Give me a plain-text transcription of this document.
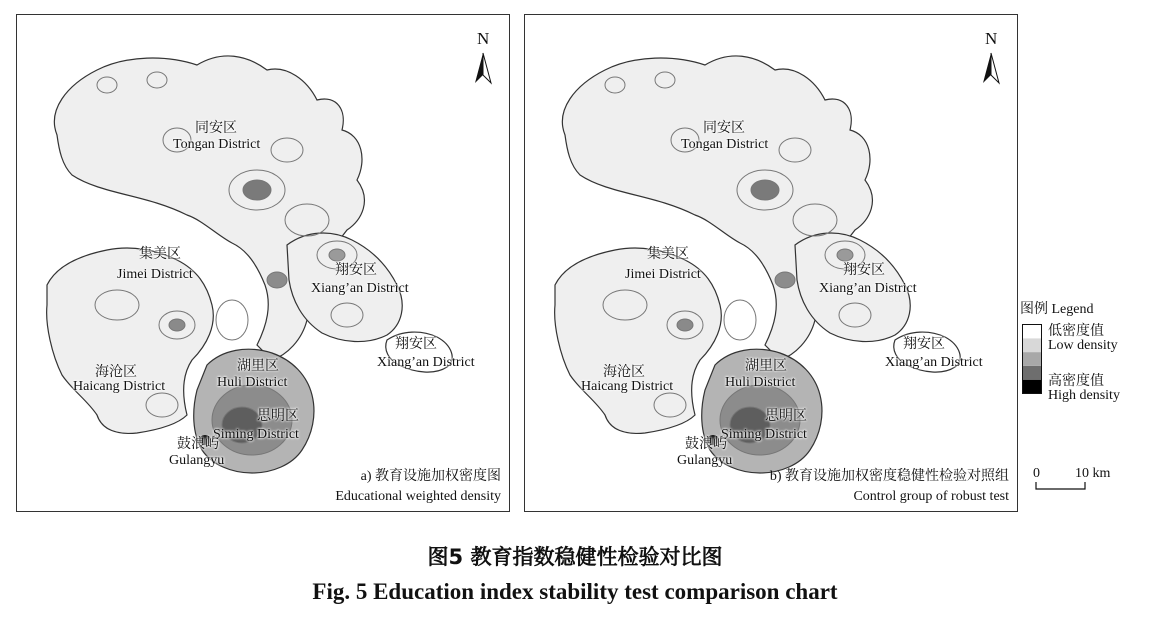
N
同安区
Tongan District
集美区
Jimei District	翔安区
Xiang’an District
翔安区
Xiang’an District
海沧区
Haicang District
湖里区
Huli District
思明区
Siming District
鼓浪屿
Gulangyu
a) 教育设施加权密度图
Educational weighted density
N
同安区
Tongan District
集美区
Jimei District	翔安区
Xiang’an District
翔安区
Xiang’an District
海沧区
Haicang District
湖里区
Huli District
思明区
Siming District
鼓浪屿
Gulangyu
b) 教育设施加权密度稳健性检验对照组
Control group of robust test
图例 Legend
低密度值
Low density
高密度值
High density
0	10 km
图5 教育指数稳健性检验对比图
Fig. 5 Education index stability test comparison chart
